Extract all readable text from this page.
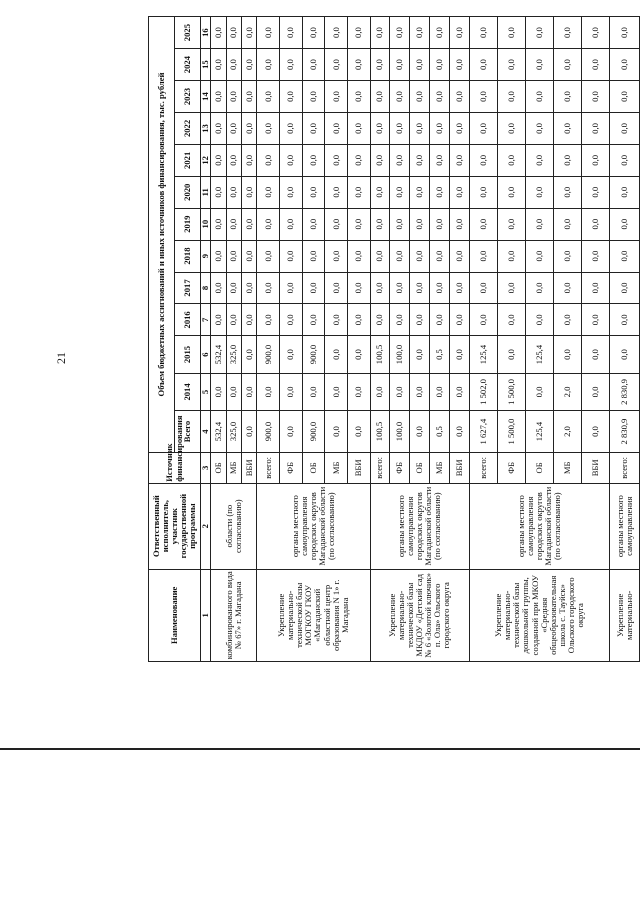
21
Наименование	Ответственный исполнитель, участник государственной программы	Источник финансирования	Объем бюджетных ассигнований и иных источников финансирования, тыс. рублей												
			Всего	2014	2015	2016	2017	2018	2019	2020	2021	2022	2023	2024	2025
1	2	3	4	5	6	7	8	9	10	11	12	13	14	15	16
комбинированного вида № 67» г. Магадана	области (по согласованию)	ОБ	532,4	0,0	532,4	0,0	0,0	0,0	0,0	0,0	0,0	0,0	0,0	0,0	0,0
		МБ	325,0	0,0	325,0	0,0	0,0	0,0	0,0	0,0	0,0	0,0	0,0	0,0	0,0
		ВБИ	0,0	0,0	0,0	0,0	0,0	0,0	0,0	0,0	0,0	0,0	0,0	0,0	0,0
Укрепление материально-технической базы МОГКОУ ГКОУ «Магаданский областной центр образования N 1» г. Магадана	органы местного самоуправления городских округов Магаданской области (по согласованию)	всего:	900,0	0,0	900,0	0,0	0,0	0,0	0,0	0,0	0,0	0,0	0,0	0,0	0,0
		ФБ	0,0	0,0	0,0	0,0	0,0	0,0	0,0	0,0	0,0	0,0	0,0	0,0	0,0
		ОБ	900,0	0,0	900,0	0,0	0,0	0,0	0,0	0,0	0,0	0,0	0,0	0,0	0,0
		МБ	0,0	0,0	0,0	0,0	0,0	0,0	0,0	0,0	0,0	0,0	0,0	0,0	0,0
		ВБИ	0,0	0,0	0,0	0,0	0,0	0,0	0,0	0,0	0,0	0,0	0,0	0,0	0,0
Укрепление материально-технической базы МКДОУ «Детский сад № 6 «Золотой ключик» п. Ола» Ольского городского округа	органы местного самоуправления городских округов Магаданской области (по согласованию)	всего:	100,5	0,0	100,5	0,0	0,0	0,0	0,0	0,0	0,0	0,0	0,0	0,0	0,0
		ФБ	100,0	0,0	100,0	0,0	0,0	0,0	0,0	0,0	0,0	0,0	0,0	0,0	0,0
		ОБ	0,0	0,0	0,0	0,0	0,0	0,0	0,0	0,0	0,0	0,0	0,0	0,0	0,0
		МБ	0,5	0,0	0,5	0,0	0,0	0,0	0,0	0,0	0,0	0,0	0,0	0,0	0,0
		ВБИ	0,0	0,0	0,0	0,0	0,0	0,0	0,0	0,0	0,0	0,0	0,0	0,0	0,0
Укрепление материально-технической базы дошкольной группы, созданной при МКОУ «Средняя общеобразовательная школа с. Тауйск» Ольского городского округа	органы местного самоуправления городских округов Магаданской области (по согласованию)	всего:	1 627,4	1 502,0	125,4	0,0	0,0	0,0	0,0	0,0	0,0	0,0	0,0	0,0	0,0
		ФБ	1 500,0	1 500,0	0,0	0,0	0,0	0,0	0,0	0,0	0,0	0,0	0,0	0,0	0,0
		ОБ	125,4	0,0	125,4	0,0	0,0	0,0	0,0	0,0	0,0	0,0	0,0	0,0	0,0
		МБ	2,0	2,0	0,0	0,0	0,0	0,0	0,0	0,0	0,0	0,0	0,0	0,0	0,0
		ВБИ	0,0	0,0	0,0	0,0	0,0	0,0	0,0	0,0	0,0	0,0	0,0	0,0	0,0
Укрепление материально-	органы местного самоуправления	всего:	2 830,9	2 830,9	0,0	0,0	0,0	0,0	0,0	0,0	0,0	0,0	0,0	0,0	0,0
